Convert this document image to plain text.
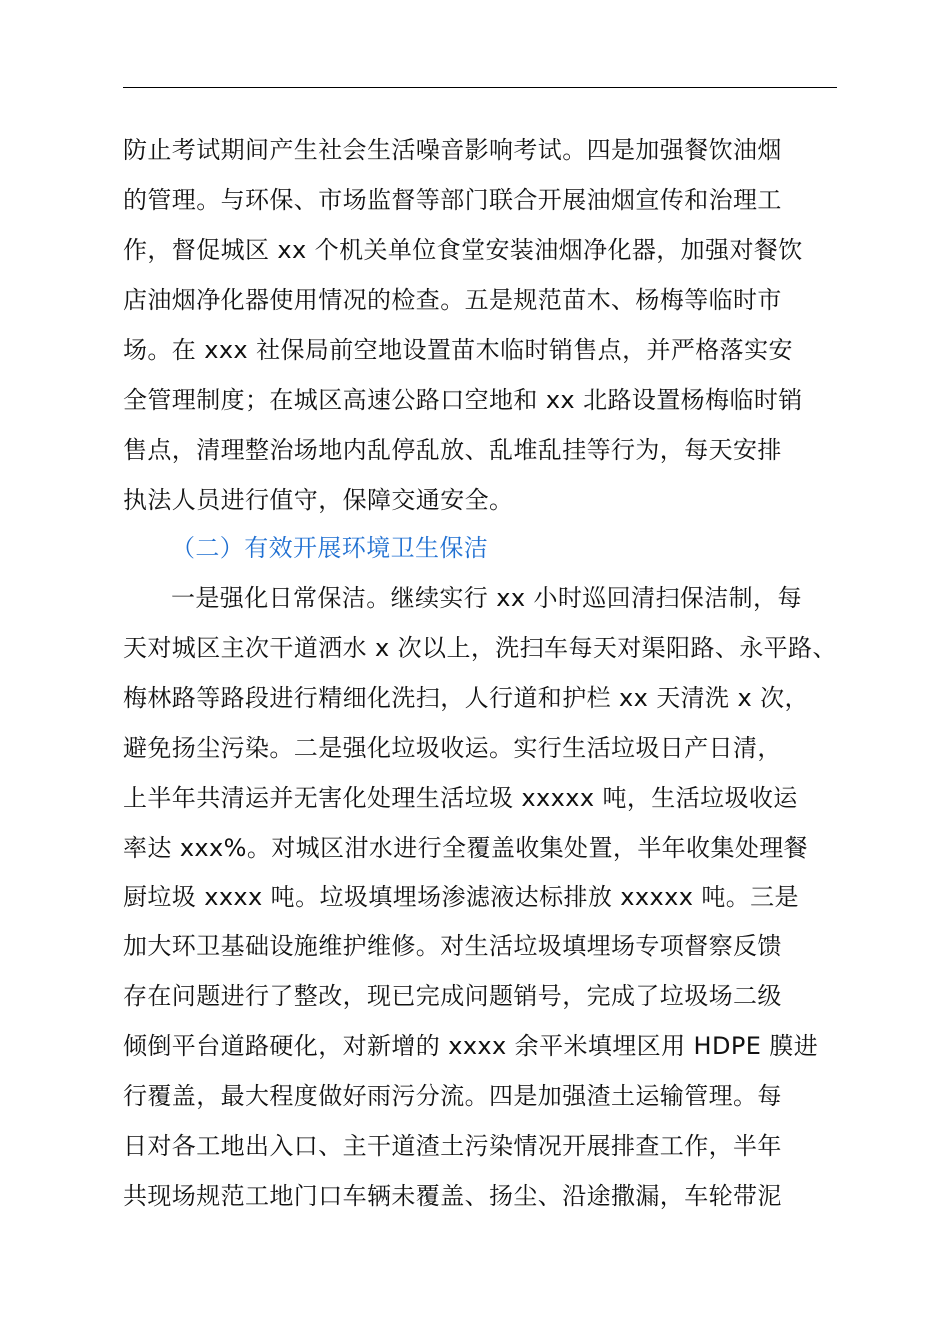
防止考试期间产生社会生活噪音影响考试。四是加强餐饮油烟
的管理。与环保、市场监督等部门联合开展油烟宣传和治理工
作，督促城区 xx 个机关单位食堂安装油烟净化器，加强对餐饮
店油烟净化器使用情况的检查。五是规范苗木、杨梅等临时市
场。在 xxx 社保局前空地设置苗木临时销售点，并严格落实安
全管理制度；在城区高速公路口空地和 xx 北路设置杨梅临时销
售点，清理整治场地内乱停乱放、乱堆乱挂等行为，每天安排
执法人员进行值守，保障交通安全。
（二）有效开展环境卫生保洁
一是强化日常保洁。继续实行 xx 小时巡回清扫保洁制，每
天对城区主次干道洒水 x 次以上，洗扫车每天对渠阳路、永平路、
梅林路等路段进行精细化洗扫，人行道和护栏 xx 天清洗 x 次，
避免扬尘污染。二是强化垃圾收运。实行生活垃圾日产日清，
上半年共清运并无害化处理生活垃圾 xxxxx 吨，生活垃圾收运
率达 xxx%。对城区泔水进行全覆盖收集处置，半年收集处理餐
厨垃圾 xxxx 吨。垃圾填埋场渗滤液达标排放 xxxxx 吨。三是
加大环卫基础设施维护维修。对生活垃圾填埋场专项督察反馈
存在问题进行了整改，现已完成问题销号，完成了垃圾场二级
倾倒平台道路硬化，对新增的 xxxx 余平米填埋区用 HDPE 膜进
行覆盖，最大程度做好雨污分流。四是加强渣土运输管理。每
日对各工地出入口、主干道渣土污染情况开展排查工作，半年
共现场规范工地门口车辆未覆盖、扬尘、沿途撒漏，车轮带泥
